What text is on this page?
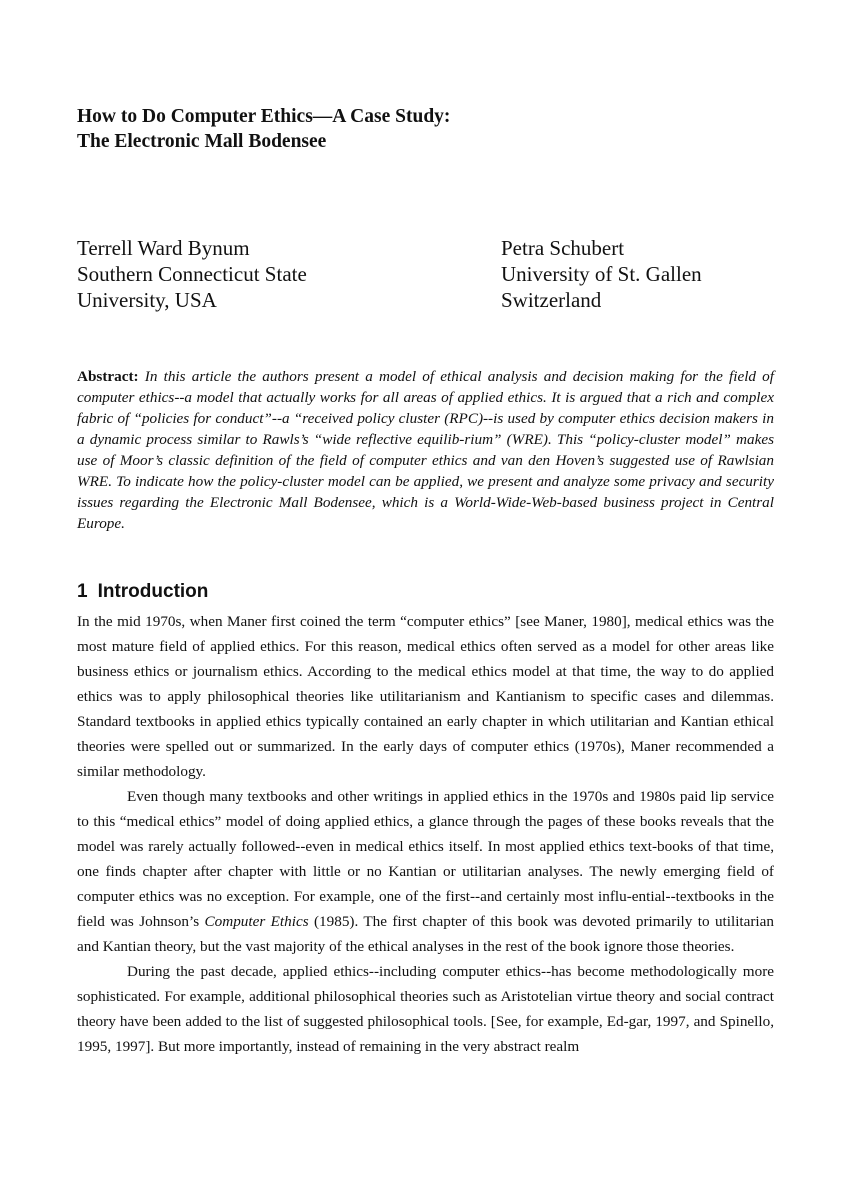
How to Do Computer Ethics—A Case Study:
The Electronic Mall Bodensee
Terrell Ward Bynum
Southern Connecticut State
University, USA
Petra Schubert
University of St. Gallen
Switzerland

Abstract: In this article the authors present a model of ethical analysis and decision making for the field of computer ethics--a model that actually works for all areas of applied ethics. It is argued that a rich and complex fabric of “policies for conduct”--a “received policy cluster (RPC)--is used by computer ethics decision makers in a dynamic process similar to Rawls’s “wide reflective equilib-rium” (WRE). This “policy-cluster model” makes use of Moor’s classic definition of the field of computer ethics and van den Hoven’s suggested use of Rawlsian WRE. To indicate how the policy-cluster model can be applied, we present and analyze some privacy and security issues regarding the Electronic Mall Bodensee, which is a World-Wide-Web-based business project in Central Europe.

1 Introduction

In the mid 1970s, when Maner first coined the term “computer ethics” [see Maner, 1980], medical ethics was the most mature field of applied ethics. For this reason, medical ethics often served as a model for other areas like business ethics or journalism ethics. According to the medical ethics model at that time, the way to do applied ethics was to apply philosophical theories like utilitarianism and Kantianism to specific cases and dilemmas. Standard textbooks in applied ethics typically contained an early chapter in which utilitarian and Kantian ethical theories were spelled out or summarized. In the early days of computer ethics (1970s), Maner recommended a similar methodology.

Even though many textbooks and other writings in applied ethics in the 1970s and 1980s paid lip service to this “medical ethics” model of doing applied ethics, a glance through the pages of these books reveals that the model was rarely actually followed--even in medical ethics itself. In most applied ethics text-books of that time, one finds chapter after chapter with little or no Kantian or utilitarian analyses. The newly emerging field of computer ethics was no exception. For example, one of the first--and certainly most influ-ential--textbooks in the field was Johnson’s Computer Ethics (1985). The first chapter of this book was devoted primarily to utilitarian and Kantian theory, but the vast majority of the ethical analyses in the rest of the book ignore those theories.

During the past decade, applied ethics--including computer ethics--has become methodologically more sophisticated. For example, additional philosophical theories such as Aristotelian virtue theory and social contract theory have been added to the list of suggested philosophical tools. [See, for example, Ed-gar, 1997, and Spinello, 1995, 1997]. But more importantly, instead of remaining in the very abstract realm
